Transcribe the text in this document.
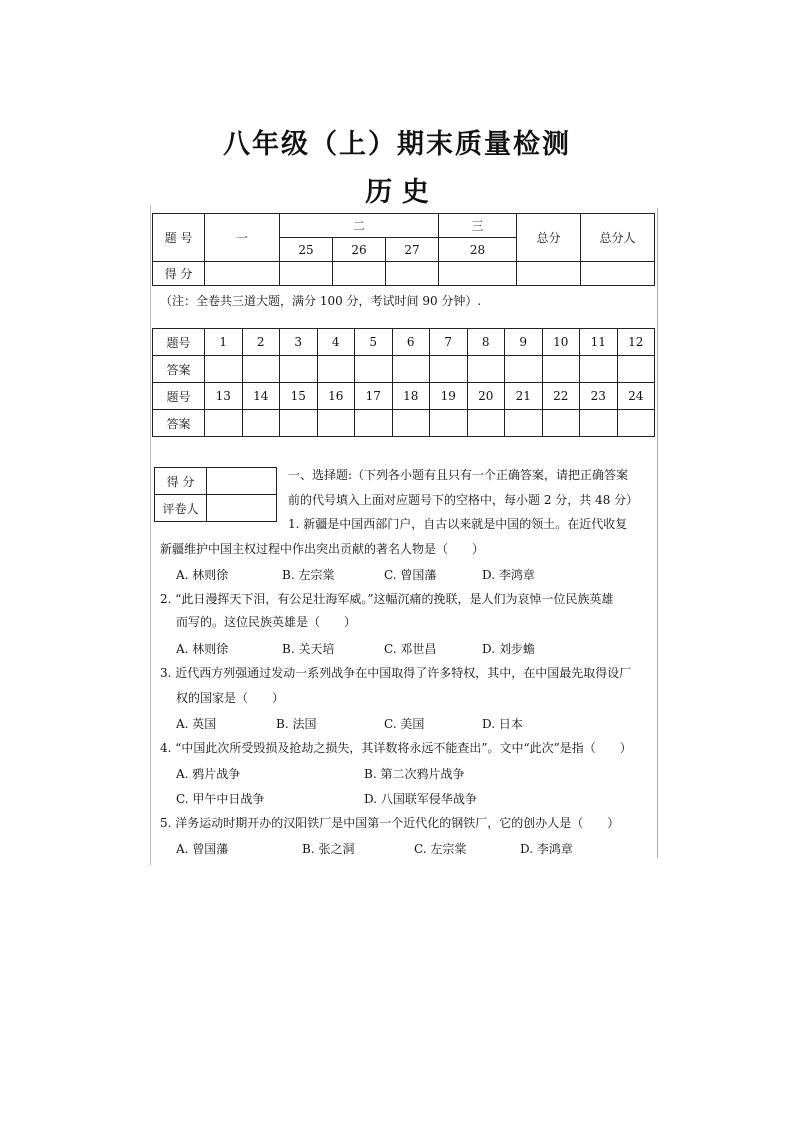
八年级（上）期末质量检测
历 史
题 号	一	二			三	总分	总分人
		25	26	27	28		
得 分							
（注：全卷共三道大题，满分 100 分，考试时间 90 分钟）.
题号	1	2	3	4	5	6	7	8	9	10	11	12
答案												
题号	13	14	15	16	17	18	19	20	21	22	23	24
答案												
得 分	
评卷人	
一、选择题:（下列各小题有且只有一个正确答案，请把正确答案
前的代号填入上面对应题号下的空格中，每小题 2 分，共 48 分）
1. 新疆是中国西部门户，自古以来就是中国的领土。在近代收复
新疆维护中国主权过程中作出突出贡献的著名人物是（　　）
A. 林则徐	B. 左宗棠	C. 曾国藩	D. 李鸿章
2. “此日漫挥天下泪，有公足壮海军威。”这幅沉痛的挽联，是人们为哀悼一位民族英雄
而写的。这位民族英雄是（　　）
A. 林则徐	B. 关天培	C. 邓世昌	D. 刘步蟾
3. 近代西方列强通过发动一系列战争在中国取得了许多特权，其中，在中国最先取得设厂
权的国家是（　　）
A. 英国	B. 法国	C. 美国	D. 日本
4. “中国此次所受毁损及抢劫之损失，其详数将永远不能查出”。文中“此次”是指（　　）
A. 鸦片战争	B. 第二次鸦片战争
C. 甲午中日战争	D. 八国联军侵华战争
5. 洋务运动时期开办的汉阳铁厂是中国第一个近代化的钢铁厂，它的创办人是（　　）
A. 曾国藩	B. 张之洞	C. 左宗棠	D. 李鸿章
